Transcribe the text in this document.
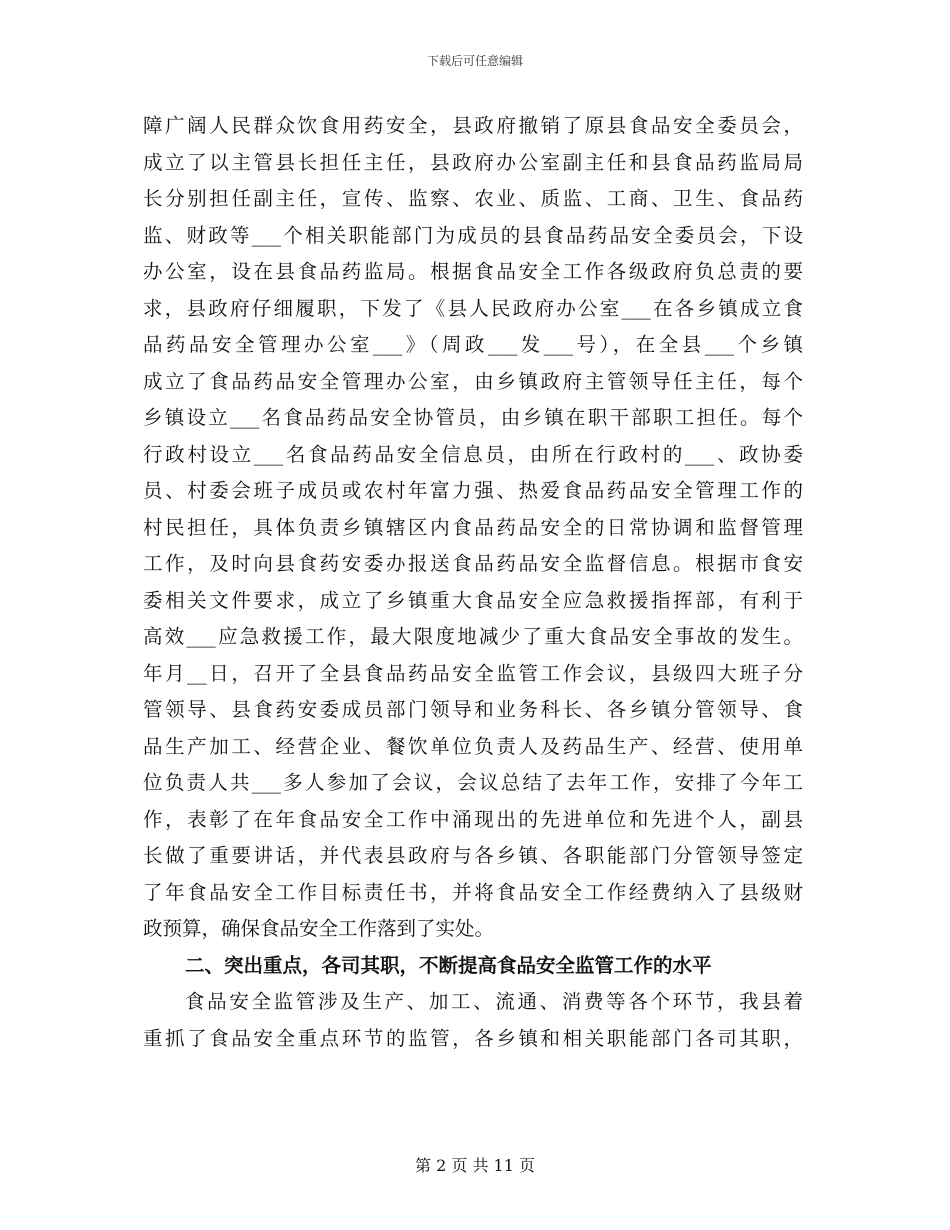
下载后可任意编辑
障广阔人民群众饮食用药安全，县政府撤销了原县食品安全委员会，
成立了以主管县长担任主任，县政府办公室副主任和县食品药监局局
长分别担任副主任，宣传、监察、农业、质监、工商、卫生、食品药
监、财政等___个相关职能部门为成员的县食品药品安全委员会，下设
办公室，设在县食品药监局。根据食品安全工作各级政府负总责的要
求，县政府仔细履职，下发了《县人民政府办公室___在各乡镇成立食
品药品安全管理办公室___》（周政___发___号），在全县___个乡镇
成立了食品药品安全管理办公室，由乡镇政府主管领导任主任，每个
乡镇设立___名食品药品安全协管员，由乡镇在职干部职工担任。每个
行政村设立___名食品药品安全信息员，由所在行政村的___、政协委
员、村委会班子成员或农村年富力强、热爱食品药品安全管理工作的
村民担任，具体负责乡镇辖区内食品药品安全的日常协调和监督管理
工作，及时向县食药安委办报送食品药品安全监督信息。根据市食安
委相关文件要求，成立了乡镇重大食品安全应急救援指挥部，有利于
高效___应急救援工作，最大限度地减少了重大食品安全事故的发生。
年月__日，召开了全县食品药品安全监管工作会议，县级四大班子分
管领导、县食药安委成员部门领导和业务科长、各乡镇分管领导、食
品生产加工、经营企业、餐饮单位负责人及药品生产、经营、使用单
位负责人共___多人参加了会议，会议总结了去年工作，安排了今年工
作，表彰了在年食品安全工作中涌现出的先进单位和先进个人，副县
长做了重要讲话，并代表县政府与各乡镇、各职能部门分管领导签定
了年食品安全工作目标责任书，并将食品安全工作经费纳入了县级财
政预算，确保食品安全工作落到了实处。
二、突出重点，各司其职，不断提高食品安全监管工作的水平
食品安全监管涉及生产、加工、流通、消费等各个环节，我县着
重抓了食品安全重点环节的监管，各乡镇和相关职能部门各司其职，
第 2 页 共 11 页
